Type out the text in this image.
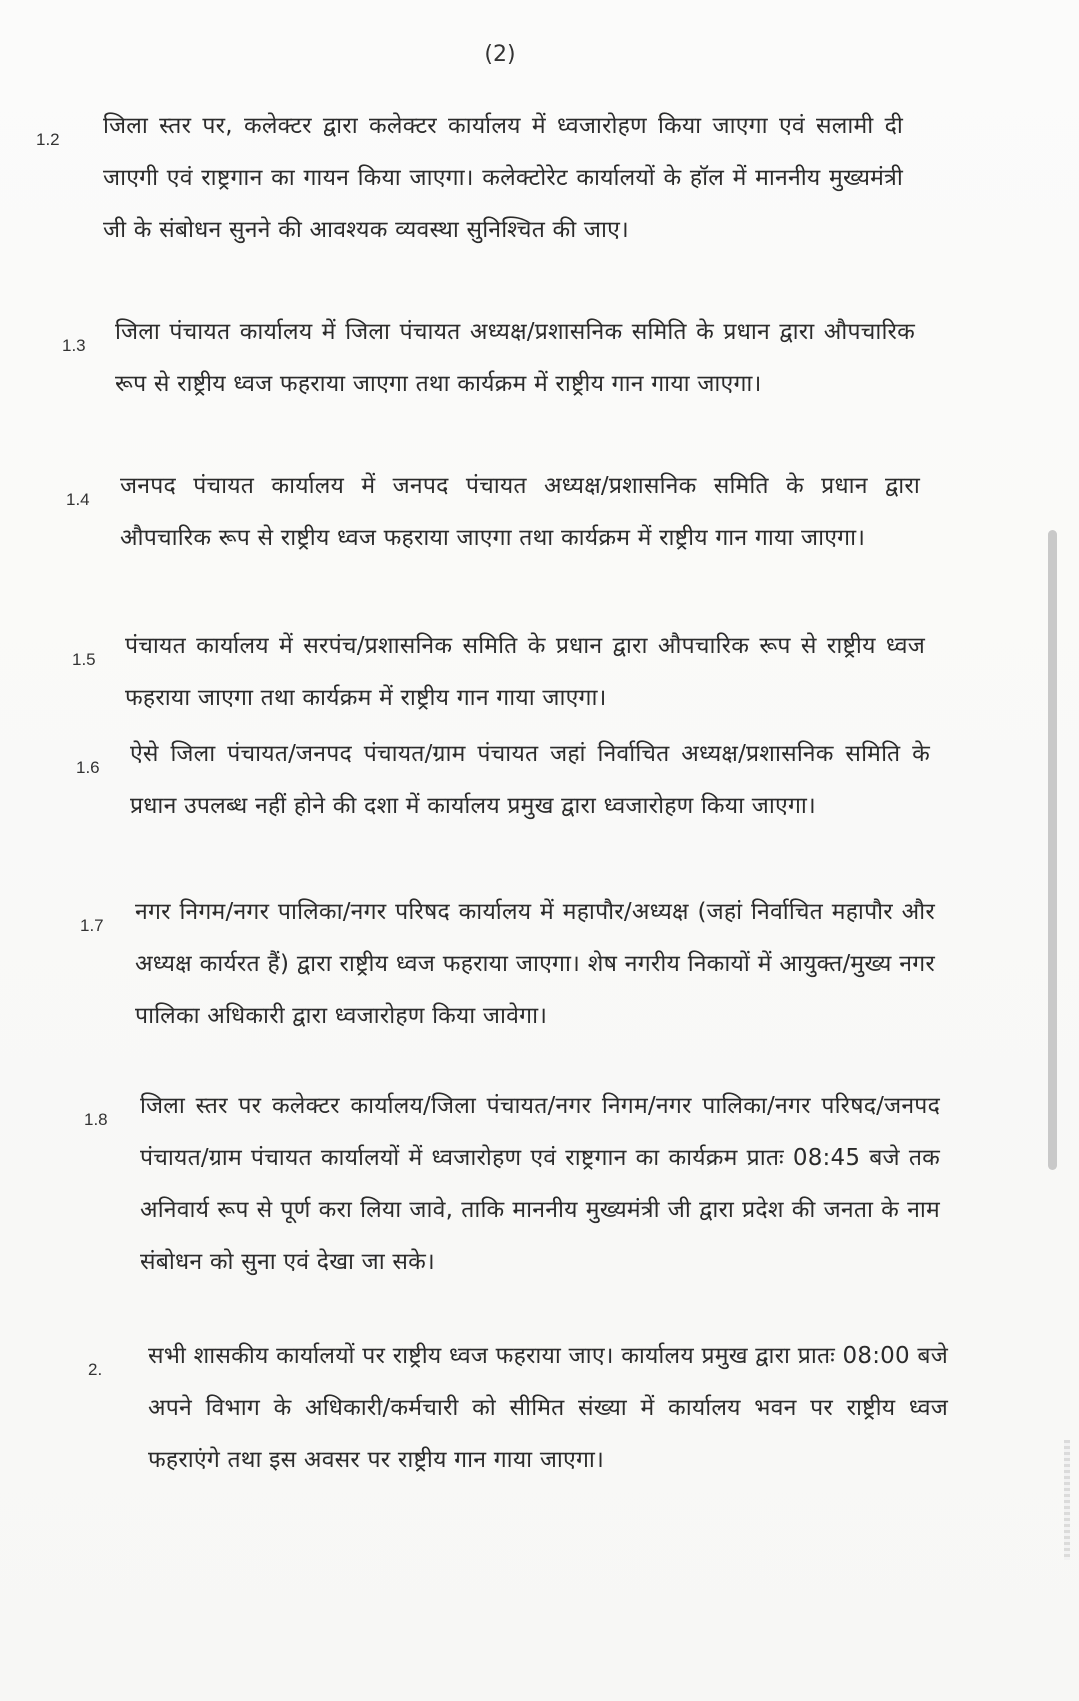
(2)
1.2
जिला स्तर पर, कलेक्टर द्वारा कलेक्टर कार्यालय में ध्वजारोहण किया जाएगा एवं सलामी दी जाएगी एवं राष्ट्रगान का गायन किया जाएगा। कलेक्टोरेट कार्यालयों के हॉल में माननीय मुख्यमंत्री जी के संबोधन सुनने की आवश्यक व्यवस्था सुनिश्चित की जाए।
1.3
जिला पंचायत कार्यालय में जिला पंचायत अध्यक्ष/प्रशासनिक समिति के प्रधान द्वारा औपचारिक रूप से राष्ट्रीय ध्वज फहराया जाएगा तथा कार्यक्रम में राष्ट्रीय गान गाया जाएगा।
1.4
जनपद पंचायत कार्यालय में जनपद पंचायत अध्यक्ष/प्रशासनिक समिति के प्रधान द्वारा औपचारिक रूप से राष्ट्रीय ध्वज फहराया जाएगा तथा कार्यक्रम में राष्ट्रीय गान गाया जाएगा।
1.5
पंचायत कार्यालय में सरपंच/प्रशासनिक समिति के प्रधान द्वारा औपचारिक रूप से राष्ट्रीय ध्वज फहराया जाएगा तथा कार्यक्रम में राष्ट्रीय गान गाया जाएगा।
1.6
ऐसे जिला पंचायत/जनपद पंचायत/ग्राम पंचायत जहां निर्वाचित अध्यक्ष/प्रशासनिक समिति के प्रधान उपलब्ध नहीं होने की दशा में कार्यालय प्रमुख द्वारा ध्वजारोहण किया जाएगा।
1.7
नगर निगम/नगर पालिका/नगर परिषद कार्यालय में महापौर/अध्यक्ष (जहां निर्वाचित महापौर और अध्यक्ष कार्यरत हैं) द्वारा राष्ट्रीय ध्वज फहराया जाएगा। शेष नगरीय निकायों में आयुक्त/मुख्य नगर पालिका अधिकारी द्वारा ध्वजारोहण किया जावेगा।
1.8
जिला स्तर पर कलेक्टर कार्यालय/जिला पंचायत/नगर निगम/नगर पालिका/नगर परिषद/जनपद पंचायत/ग्राम पंचायत कार्यालयों में ध्वजारोहण एवं राष्ट्रगान का कार्यक्रम प्रातः 08:45 बजे तक अनिवार्य रूप से पूर्ण करा लिया जावे, ताकि माननीय मुख्यमंत्री जी द्वारा प्रदेश की जनता के नाम संबोधन को सुना एवं देखा जा सके।
2.
सभी शासकीय कार्यालयों पर राष्ट्रीय ध्वज फहराया जाए। कार्यालय प्रमुख द्वारा प्रातः 08:00 बजे अपने विभाग के अधिकारी/कर्मचारी को सीमित संख्या में कार्यालय भवन पर राष्ट्रीय ध्वज फहराएंगे तथा इस अवसर पर राष्ट्रीय गान गाया जाएगा।
